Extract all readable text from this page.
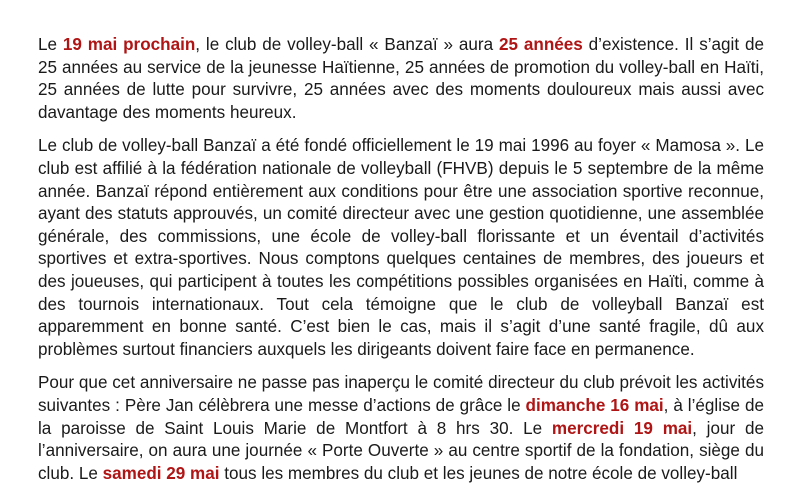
Le 19 mai prochain, le club de volley-ball « Banzaï » aura 25 années d’existence. Il s’agit de 25 années au service de la jeunesse Haïtienne, 25 années de promotion du volley-ball en Haïti, 25 années de lutte pour survivre, 25 années avec des moments douloureux mais aussi avec davantage des moments heureux.

Le club de volley-ball Banzaï a été fondé officiellement le 19 mai 1996 au foyer « Mamosa ». Le club est affilié à la fédération nationale de volleyball (FHVB) depuis le 5 septembre de la même année. Banzaï répond entièrement aux conditions pour être une association sportive reconnue, ayant des statuts approuvés, un comité directeur avec une gestion quotidienne, une assemblée générale, des commissions, une école de volley-ball florissante et un éventail d’activités sportives et extra-sportives. Nous comptons quelques centaines de membres, des joueurs et des joueuses, qui participent à toutes les compétitions possibles organisées en Haïti, comme à des tournois internationaux. Tout cela témoigne que le club de volleyball Banzaï est apparemment en bonne santé. C’est bien le cas, mais il s’agit d’une santé fragile, dû aux problèmes surtout financiers auxquels les dirigeants doivent faire face en permanence.

Pour que cet anniversaire ne passe pas inaperçu le comité directeur du club prévoit les activités suivantes : Père Jan célèbrera une messe d’actions de grâce le dimanche 16 mai, à l’église de la paroisse de Saint Louis Marie de Montfort à 8 hrs 30. Le mercredi 19 mai, jour de l’anniversaire, on aura une journée « Porte Ouverte » au centre sportif de la fondation, siège du club. Le samedi 29 mai tous les membres du club et les jeunes de notre école de volley-ball
